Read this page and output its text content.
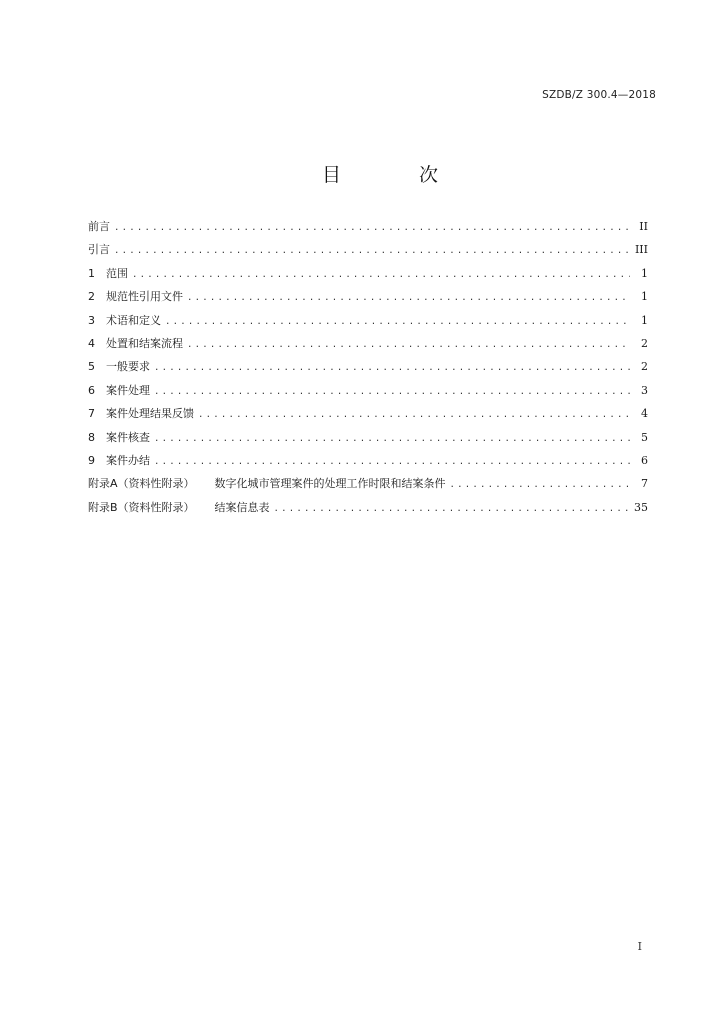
SZDB/Z 300.4—2018
目 次
前言 .....	II
引言 .....	III
1	范围 .....	1
2	规范性引用文件 .....	1
3	术语和定义 .....	1
4	处置和结案流程 .....	2
5	一般要求 .....	2
6	案件处理 .....	3
7	案件处理结果反馈 .....	4
8	案件核查 .....	5
9	案件办结 .....	6
附录A（资料性附录） 数字化城市管理案件的处理工作时限和结案条件 .....	7
附录B（资料性附录） 结案信息表 .....	35
I
